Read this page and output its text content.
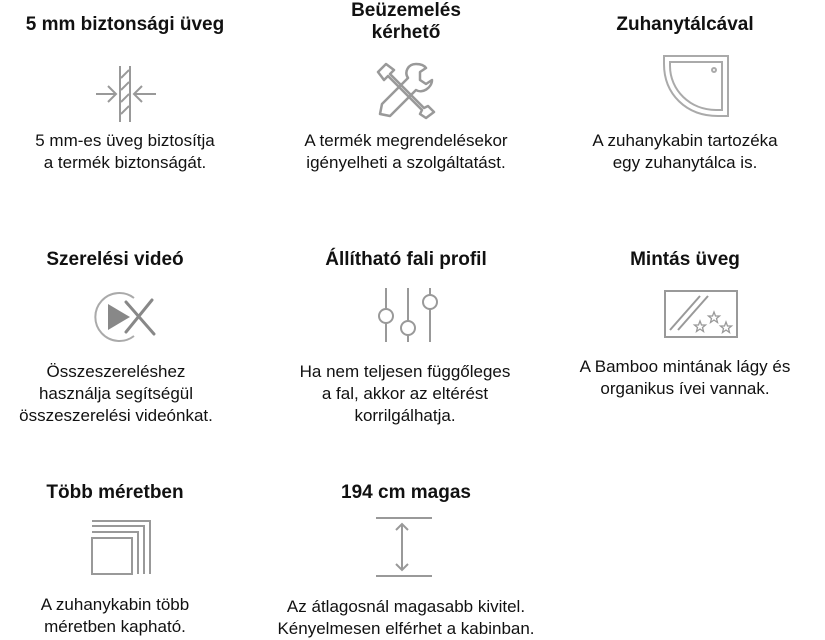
5 mm biztonsági üveg

5 mm-es üveg biztosítja

a termék biztonságát.

Beüzemelés

kérhető

A termék megrendelésekor

igényelheti a szolgáltatást.

Zuhanytálcával

A zuhanykabin tartozéka

egy zuhanytálca is.

Szerelési videó

Összeszereléshez

használja segítségül

összeszerelési videónkat.

Állítható fali profil

Ha nem teljesen függőleges

a fal, akkor az eltérést

korrilgálhatja.

Mintás üveg

A Bamboo mintának lágy és

organikus ívei vannak.

Több méretben

A zuhanykabin több

méretben kapható.

194 cm magas

Az átlagosnál magasabb kivitel.

Kényelmesen elférhet a kabinban.
